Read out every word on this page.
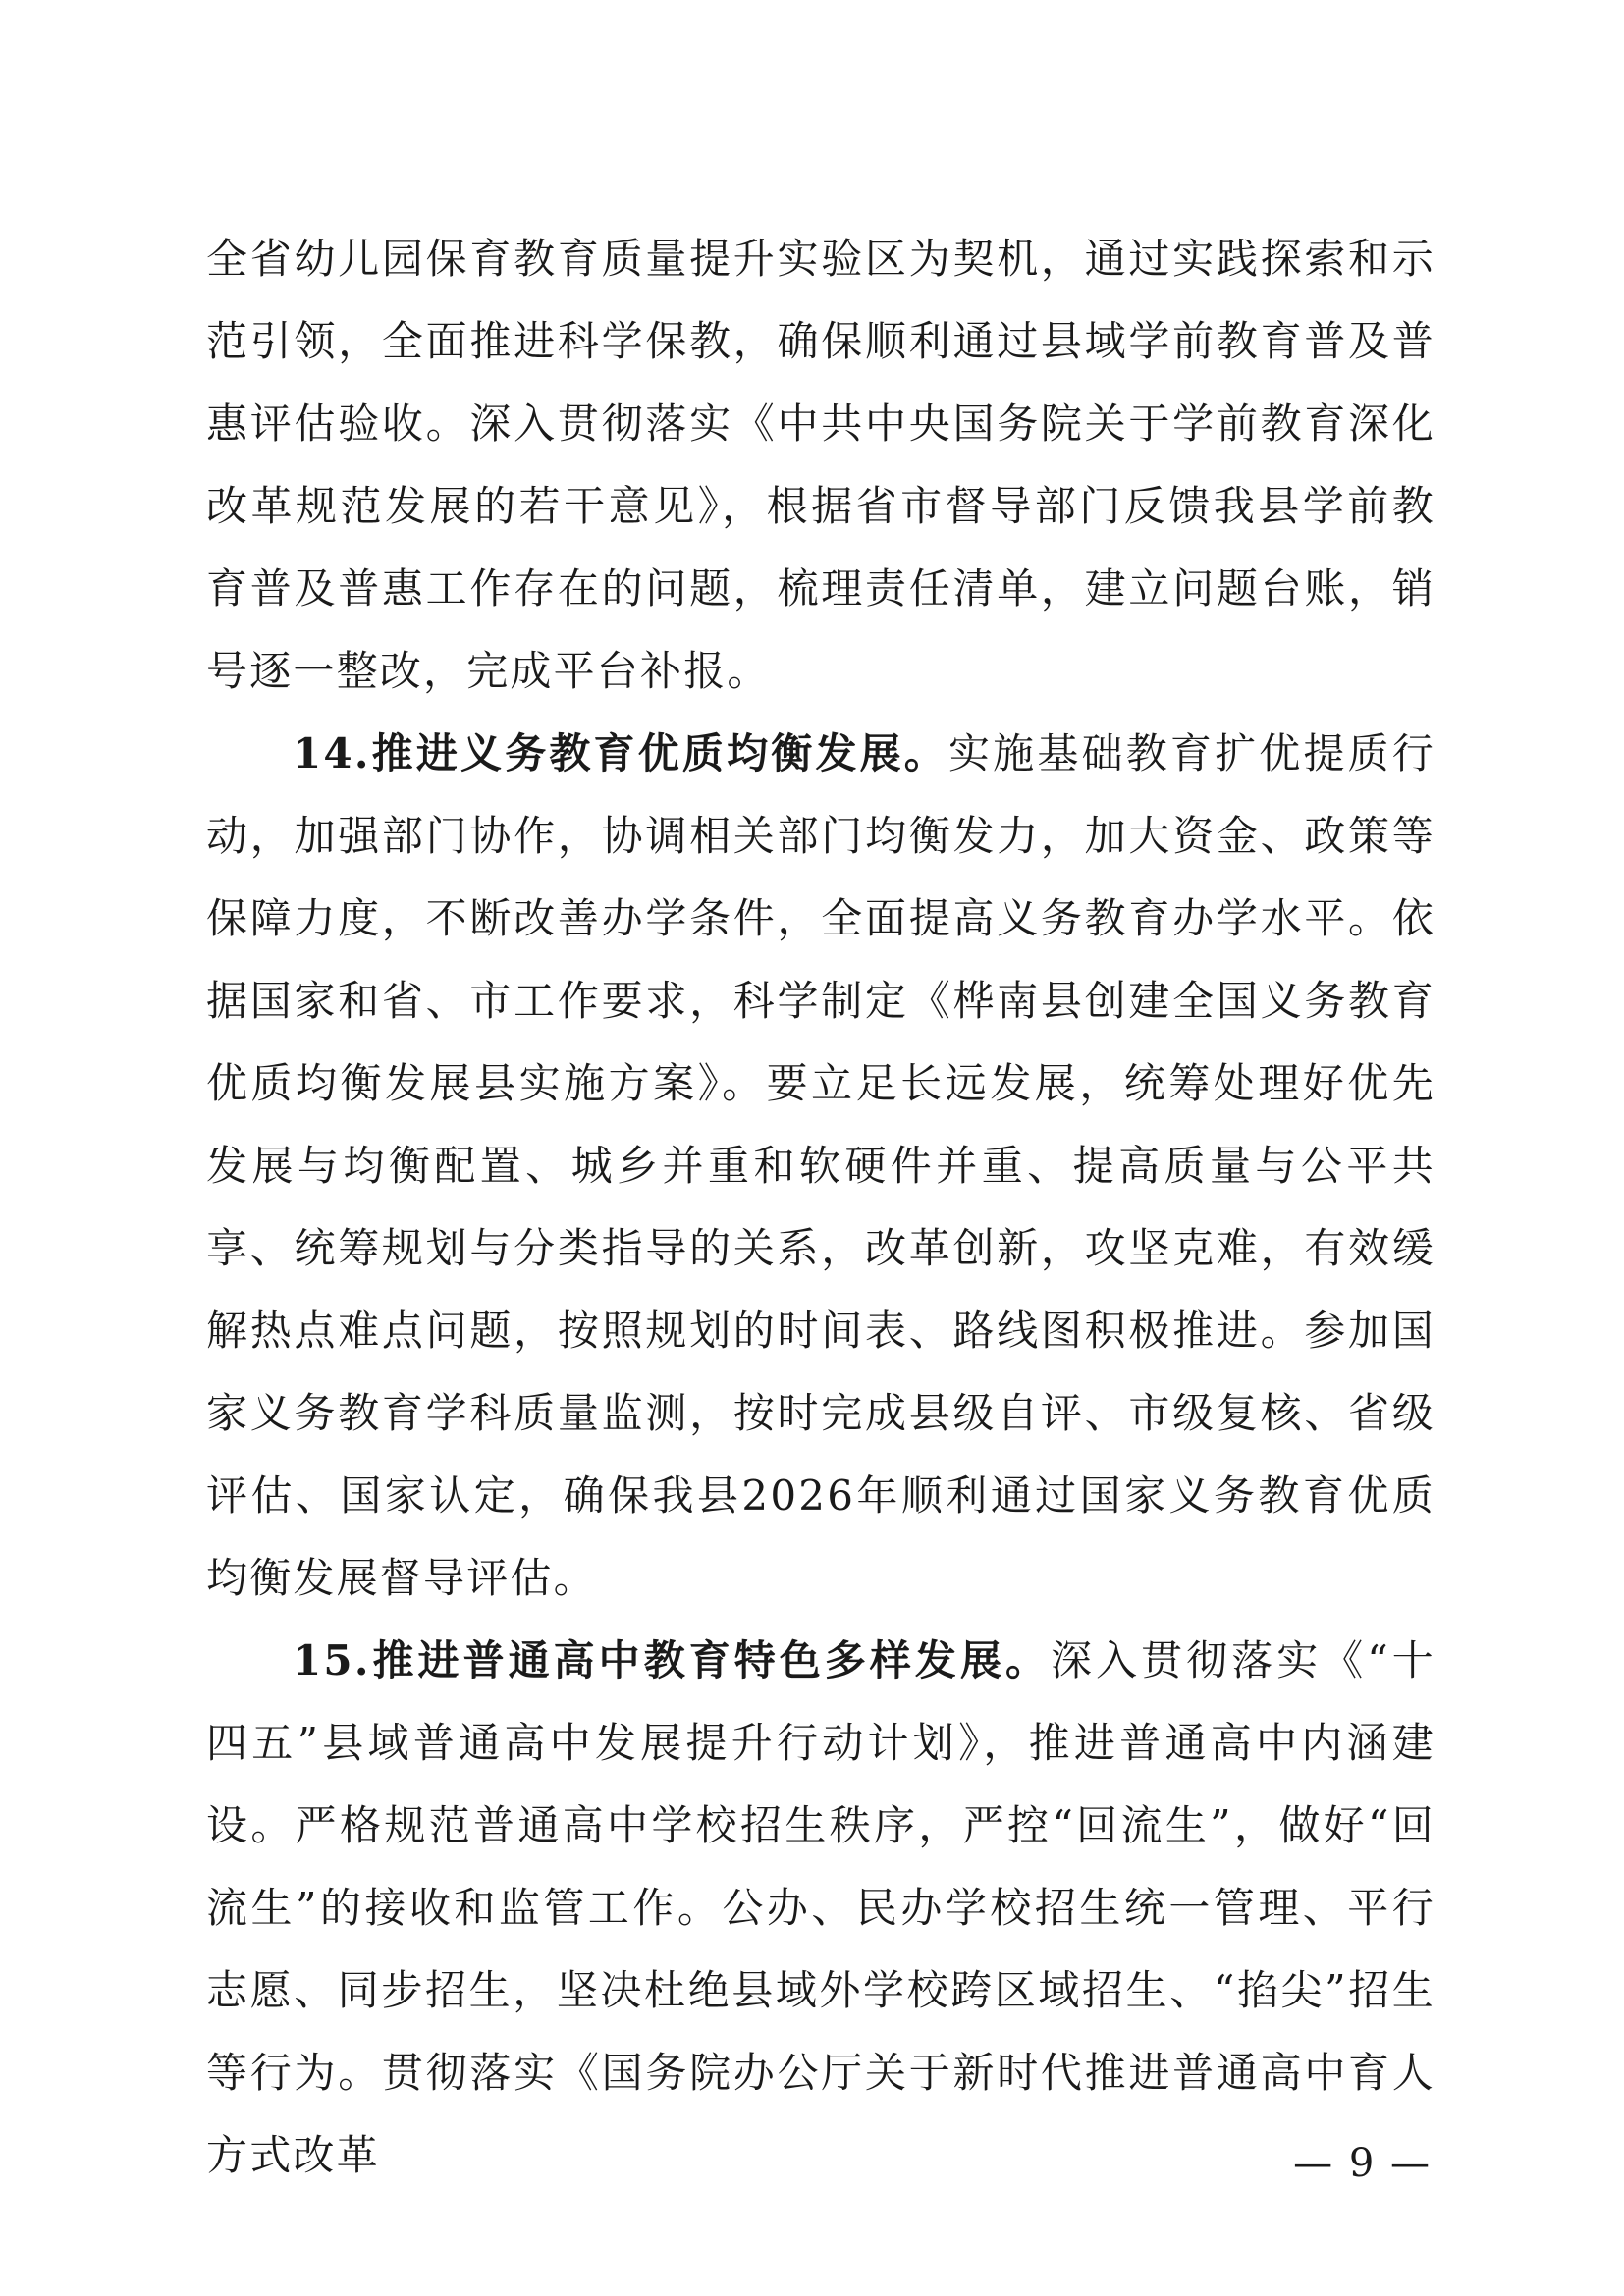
全省幼儿园保育教育质量提升实验区为契机，通过实践探索和示范引领，全面推进科学保教，确保顺利通过县域学前教育普及普惠评估验收。深入贯彻落实《中共中央国务院关于学前教育深化改革规范发展的若干意见》，根据省市督导部门反馈我县学前教育普及普惠工作存在的问题，梳理责任清单，建立问题台账，销号逐一整改，完成平台补报。

14.推进义务教育优质均衡发展。实施基础教育扩优提质行动，加强部门协作，协调相关部门均衡发力，加大资金、政策等保障力度，不断改善办学条件，全面提高义务教育办学水平。依据国家和省、市工作要求，科学制定《桦南县创建全国义务教育优质均衡发展县实施方案》。要立足长远发展，统筹处理好优先发展与均衡配置、城乡并重和软硬件并重、提高质量与公平共享、统筹规划与分类指导的关系，改革创新，攻坚克难，有效缓解热点难点问题，按照规划的时间表、路线图积极推进。参加国家义务教育学科质量监测，按时完成县级自评、市级复核、省级评估、国家认定，确保我县2026年顺利通过国家义务教育优质均衡发展督导评估。

15.推进普通高中教育特色多样发展。深入贯彻落实《“十四五”县域普通高中发展提升行动计划》，推进普通高中内涵建设。严格规范普通高中学校招生秩序，严控“回流生”，做好“回流生”的接收和监管工作。公办、民办学校招生统一管理、平行志愿、同步招生，坚决杜绝县域外学校跨区域招生、“掐尖”招生等行为。贯彻落实《国务院办公厅关于新时代推进普通高中育人方式改革	— 9 —
